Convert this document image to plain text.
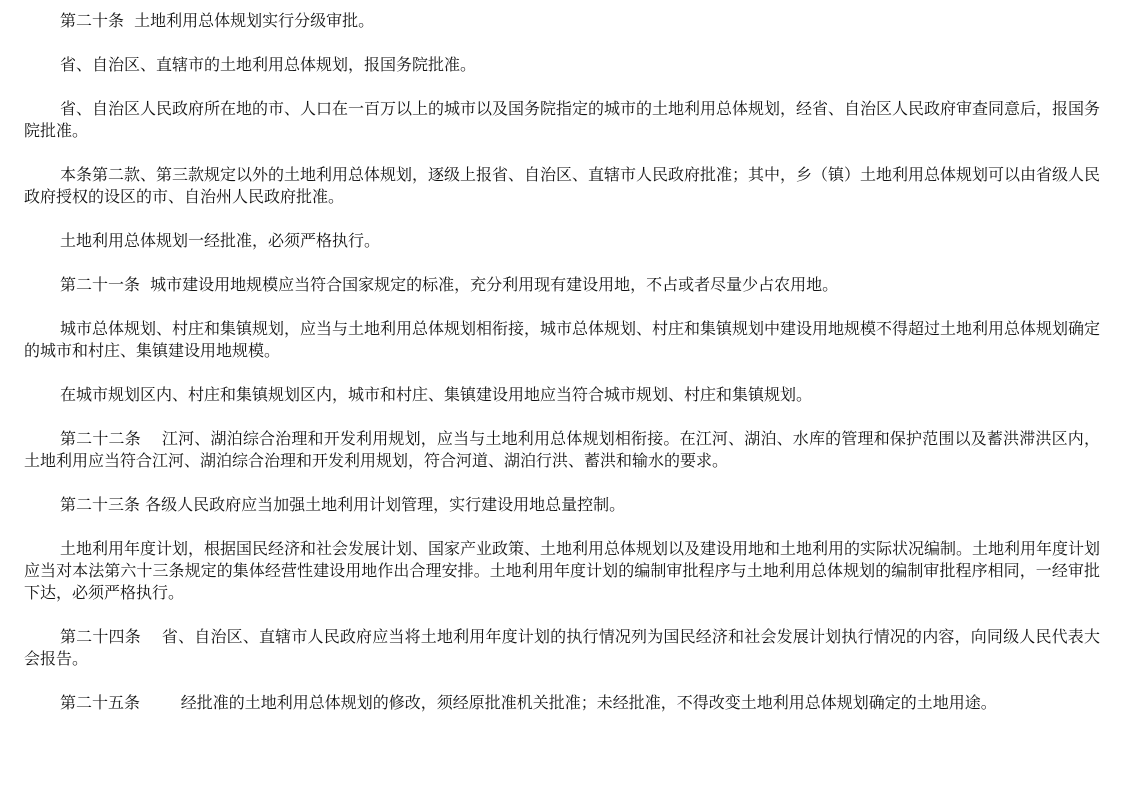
第二十条  土地利用总体规划实行分级审批。

省、自治区、直辖市的土地利用总体规划，报国务院批准。

省、自治区人民政府所在地的市、人口在一百万以上的城市以及国务院指定的城市的土地利用总体规划，经省、自治区人民政府审查同意后，报国务院批准。

本条第二款、第三款规定以外的土地利用总体规划，逐级上报省、自治区、直辖市人民政府批准；其中，乡（镇）土地利用总体规划可以由省级人民政府授权的设区的市、自治州人民政府批准。

土地利用总体规划一经批准，必须严格执行。

第二十一条  城市建设用地规模应当符合国家规定的标准，充分利用现有建设用地，不占或者尽量少占农用地。

城市总体规划、村庄和集镇规划，应当与土地利用总体规划相衔接，城市总体规划、村庄和集镇规划中建设用地规模不得超过土地利用总体规划确定的城市和村庄、集镇建设用地规模。

在城市规划区内、村庄和集镇规划区内，城市和村庄、集镇建设用地应当符合城市规划、村庄和集镇规划。

第二十二条    江河、湖泊综合治理和开发利用规划，应当与土地利用总体规划相衔接。在江河、湖泊、水库的管理和保护范围以及蓄洪滞洪区内，土地利用应当符合江河、湖泊综合治理和开发利用规划，符合河道、湖泊行洪、蓄洪和输水的要求。

第二十三条 各级人民政府应当加强土地利用计划管理，实行建设用地总量控制。

土地利用年度计划，根据国民经济和社会发展计划、国家产业政策、土地利用总体规划以及建设用地和土地利用的实际状况编制。土地利用年度计划应当对本法第六十三条规定的集体经营性建设用地作出合理安排。土地利用年度计划的编制审批程序与土地利用总体规划的编制审批程序相同，一经审批下达，必须严格执行。

第二十四条    省、自治区、直辖市人民政府应当将土地利用年度计划的执行情况列为国民经济和社会发展计划执行情况的内容，向同级人民代表大会报告。

第二十五条        经批准的土地利用总体规划的修改，须经原批准机关批准；未经批准，不得改变土地利用总体规划确定的土地用途。
